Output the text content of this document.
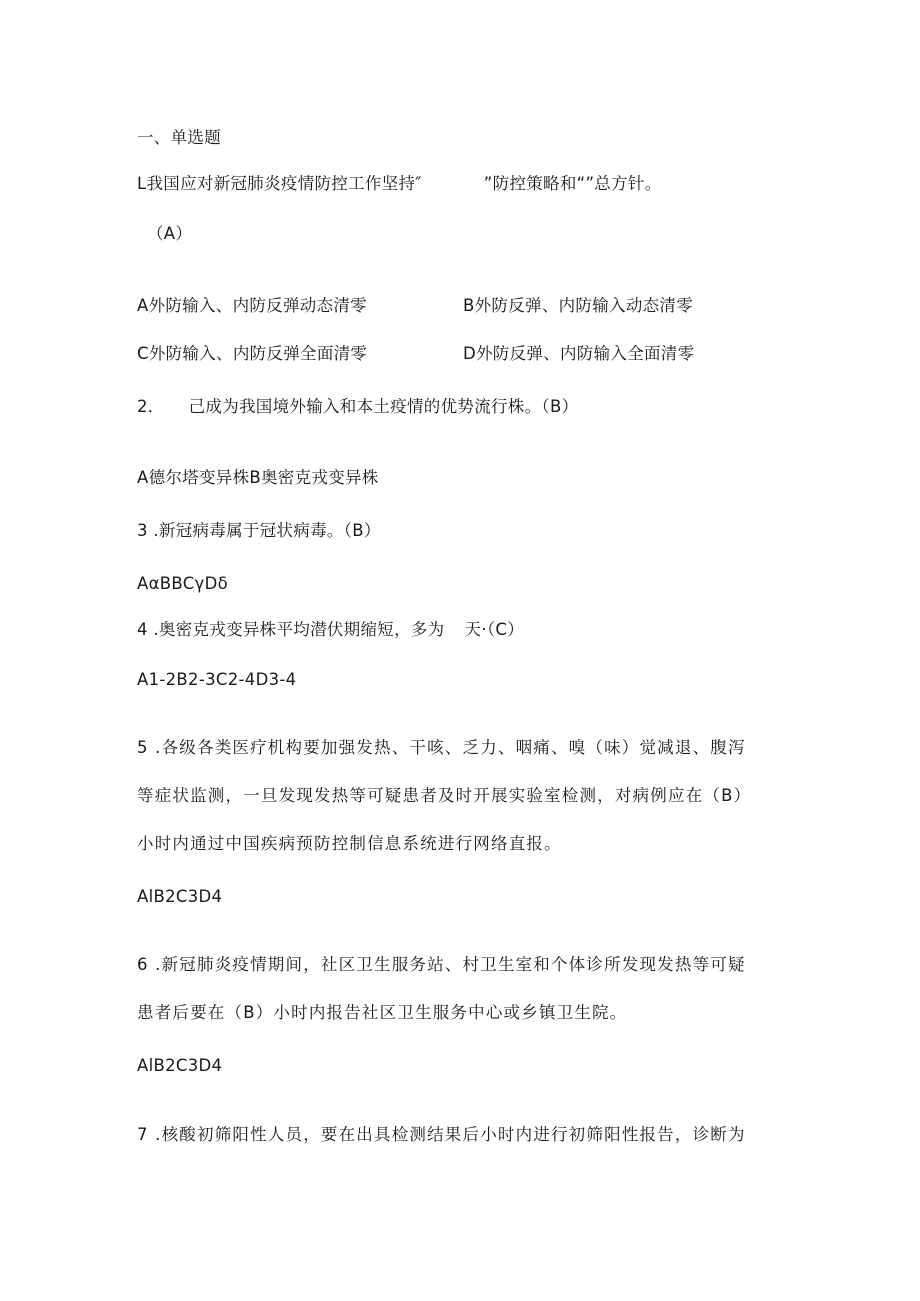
一、单选题
L我国应对新冠肺炎疫情防控工作坚持″	”防控策略和“”总方针。
（A）
A外防输入、内防反弹动态清零	B外防反弹、内防输入动态清零
C外防输入、内防反弹全面清零	D外防反弹、内防输入全面清零
2． 己成为我国境外输入和本土疫情的优势流行株。（B）
A德尔塔变异株B奥密克戎变异株
3 .新冠病毒属于冠状病毒。（B）
AαBBCγDδ
4 .奥密克戎变异株平均潜伏期缩短，多为 天·（C）
A1-2B2-3C2-4D3-4
5 .各级各类医疗机构要加强发热、干咳、乏力、咽痛、嗅（味）觉减退、腹泻
等症状监测，一旦发现发热等可疑患者及时开展实验室检测，对病例应在（B）
小时内通过中国疾病预防控制信息系统进行网络直报。
AlB2C3D4
6 .新冠肺炎疫情期间，社区卫生服务站、村卫生室和个体诊所发现发热等可疑
患者后要在（B）小时内报告社区卫生服务中心或乡镇卫生院。
AlB2C3D4
7 .核酸初筛阳性人员，要在出具检测结果后小时内进行初筛阳性报告，诊断为
